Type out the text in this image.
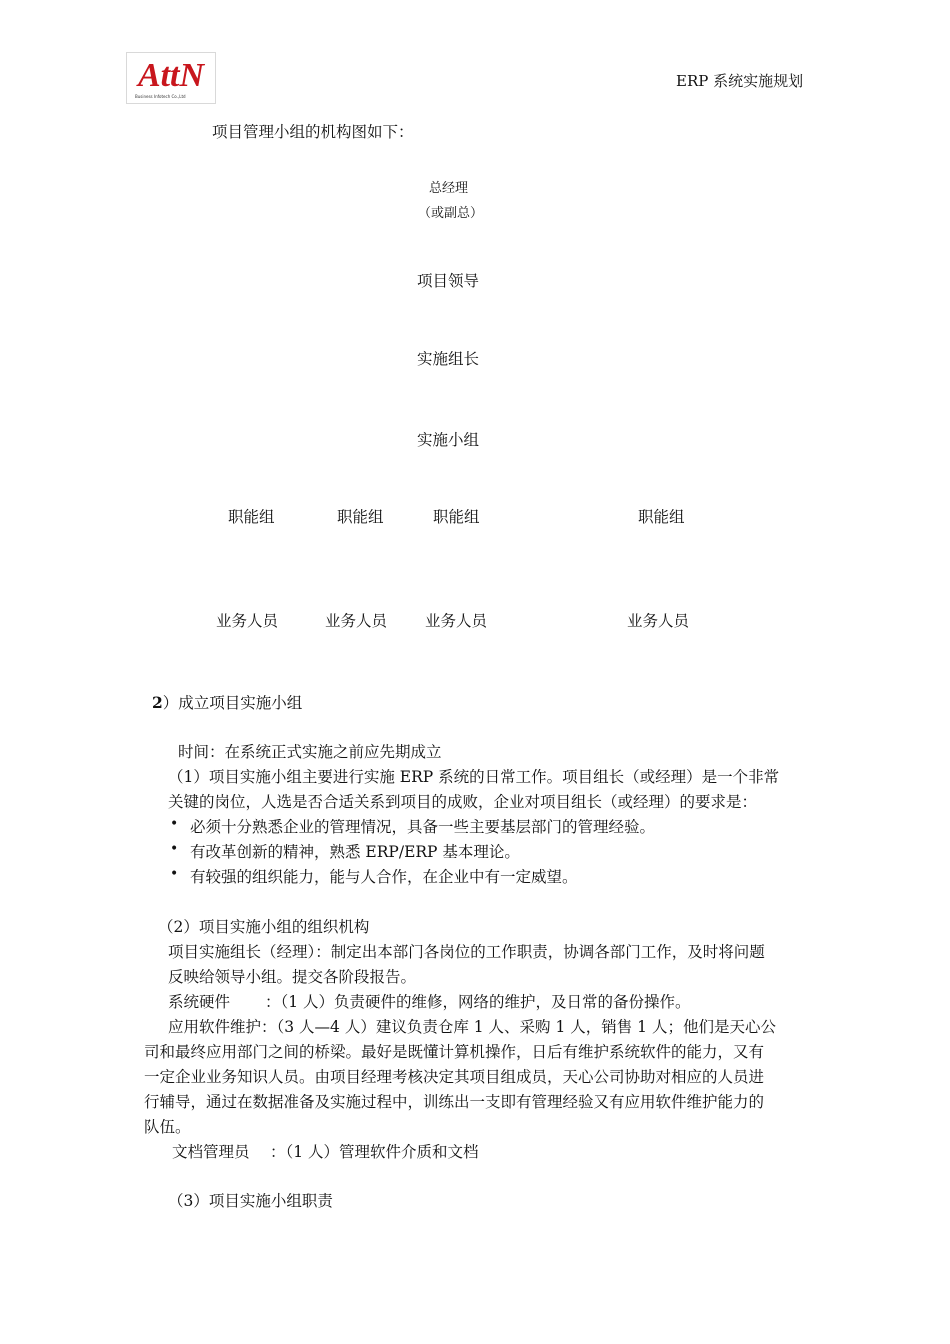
AttN
Business Infotech Co.,Ltd
ERP 系统实施规划
项目管理小组的机构图如下：
总经理
（或副总）
项目领导
实施组长
实施小组
职能组	职能组	职能组	职能组
业务人员	业务人员 业务人员	业务人员
2）成立项目实施小组
时间：在系统正式实施之前应先期成立
（1）项目实施小组主要进行实施 ERP 系统的日常工作。项目组长（或经理）是一个非常
关键的岗位，人选是否合适关系到项目的成败，企业对项目组长（或经理）的要求是：
• 必须十分熟悉企业的管理情况，具备一些主要基层部门的管理经验。
• 有改革创新的精神，熟悉 ERP/ERP 基本理论。
• 有较强的组织能力，能与人合作，在企业中有一定威望。
（2）项目实施小组的组织机构
项目实施组长（经理）：制定出本部门各岗位的工作职责，协调各部门工作，及时将问题
反映给领导小组。提交各阶段报告。
系统硬件 ：（1 人）负责硬件的维修，网络的维护，及日常的备份操作。
应用软件维护：（3 人—4 人）建议负责仓库 1 人、采购 1 人，销售 1 人；他们是天心公
司和最终应用部门之间的桥梁。最好是既懂计算机操作，日后有维护系统软件的能力，又有
一定企业业务知识人员。由项目经理考核决定其项目组成员，天心公司协助对相应的人员进
行辅导，通过在数据准备及实施过程中，训练出一支即有管理经验又有应用软件维护能力的
队伍。
文档管理员 ：（1 人）管理软件介质和文档
（3）项目实施小组职责
